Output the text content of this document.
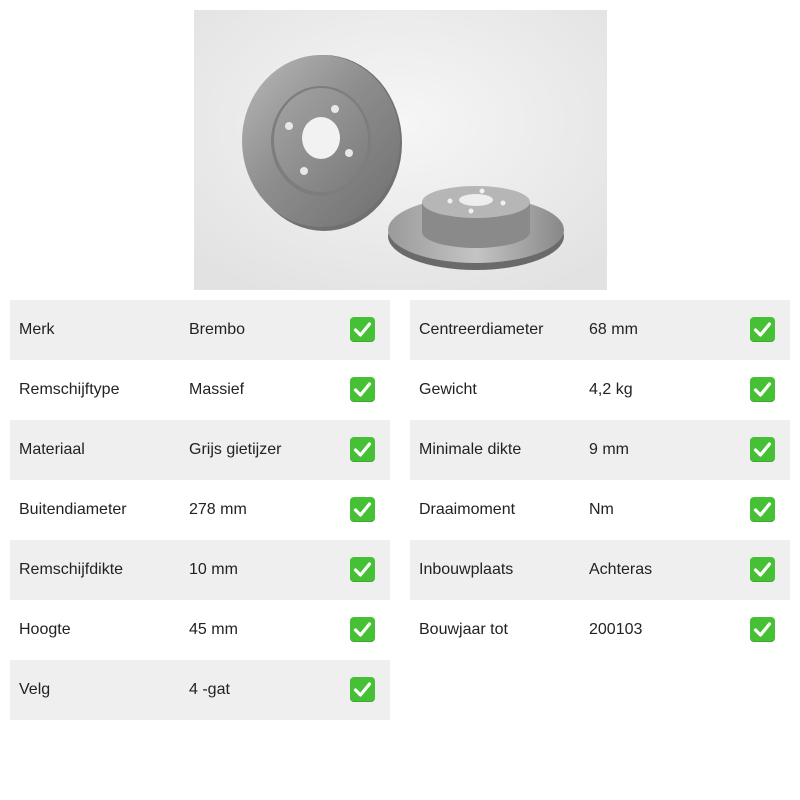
Merk	Brembo
Remschijftype	Massief
Materiaal	Grijs gietijzer
Buitendiameter	278 mm
Remschijfdikte	10 mm
Hoogte	45 mm
Velg	4 -gat
Centreerdiameter	68 mm
Gewicht	4,2 kg
Minimale dikte	9 mm
Draaimoment	Nm
Inbouwplaats	Achteras
Bouwjaar tot	200103
